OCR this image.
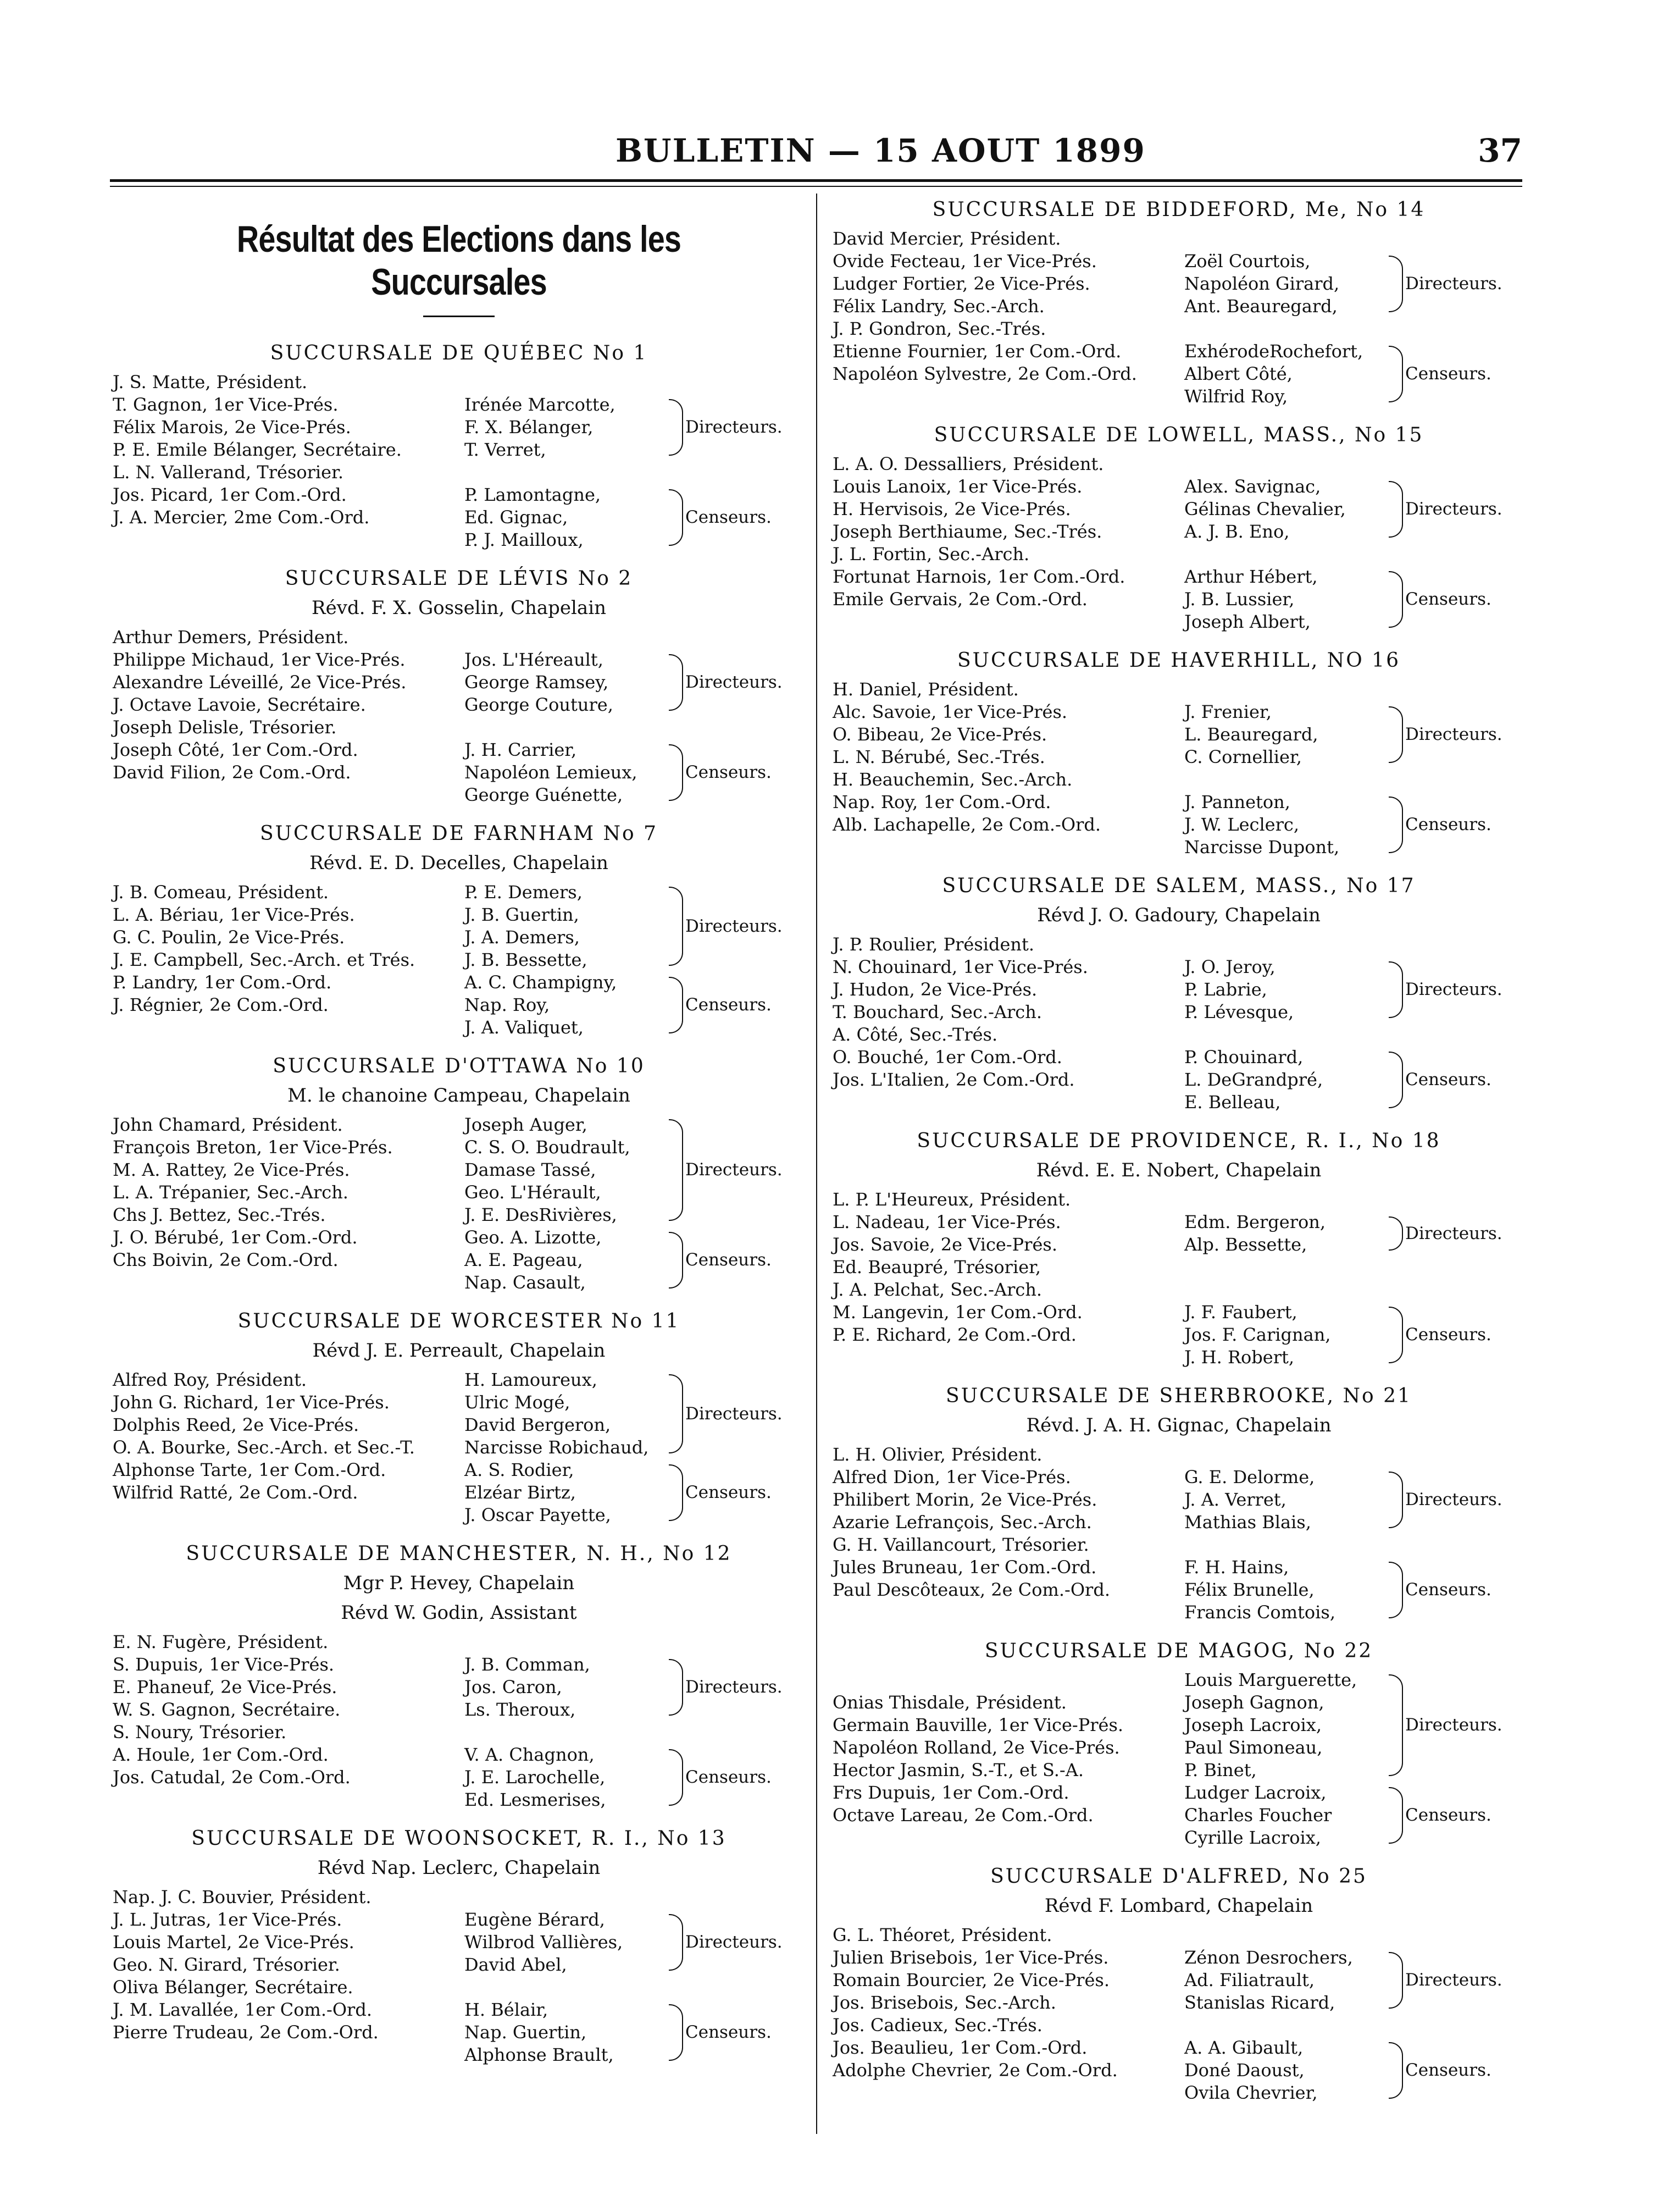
BULLETIN — 15 AOUT 1899	37
Résultat des Elections dans les Succursales
SUCCURSALE DE QUÉBEC No 1
J. S. Matte, Président.
T. Gagnon, 1er Vice-Prés.	Irénée Marcotte,
Félix Marois, 2e Vice-Prés.	F. X. Bélanger,
P. E. Emile Bélanger, Secrétaire.	T. Verret,
L. N. Vallerand, Trésorier.
Jos. Picard, 1er Com.-Ord.	P. Lamontagne,
J. A. Mercier, 2me Com.-Ord.	Ed. Gignac,
P. J. Mailloux,
Directeurs.
Censeurs.
SUCCURSALE DE LÉVIS No 2
Révd. F. X. Gosselin, Chapelain
Arthur Demers, Président.
Philippe Michaud, 1er Vice-Prés.	Jos. L'Héreault,
Alexandre Léveillé, 2e Vice-Prés.	George Ramsey,
J. Octave Lavoie, Secrétaire.	George Couture,
Joseph Delisle, Trésorier.
Joseph Côté, 1er Com.-Ord.	J. H. Carrier,
David Filion, 2e Com.-Ord.	Napoléon Lemieux,
George Guénette,
Directeurs.
Censeurs.
SUCCURSALE DE FARNHAM No 7
Révd. E. D. Decelles, Chapelain
J. B. Comeau, Président.	P. E. Demers,
L. A. Bériau, 1er Vice-Prés.	J. B. Guertin,
G. C. Poulin, 2e Vice-Prés.	J. A. Demers,
J. E. Campbell, Sec.-Arch. et Trés.	J. B. Bessette,
P. Landry, 1er Com.-Ord.	A. C. Champigny,
J. Régnier, 2e Com.-Ord.	Nap. Roy,
J. A. Valiquet,
Directeurs.
Censeurs.
SUCCURSALE D'OTTAWA No 10
M. le chanoine Campeau, Chapelain
John Chamard, Président.	Joseph Auger,
François Breton, 1er Vice-Prés.	C. S. O. Boudrault,
M. A. Rattey, 2e Vice-Prés.	Damase Tassé,
L. A. Trépanier, Sec.-Arch.	Geo. L'Hérault,
Chs J. Bettez, Sec.-Trés.	J. E. DesRivières,
J. O. Bérubé, 1er Com.-Ord.	Geo. A. Lizotte,
Chs Boivin, 2e Com.-Ord.	A. E. Pageau,
Nap. Casault,
Directeurs.
Censeurs.
SUCCURSALE DE WORCESTER No 11
Révd J. E. Perreault, Chapelain
Alfred Roy, Président.	H. Lamoureux,
John G. Richard, 1er Vice-Prés.	Ulric Mogé,
Dolphis Reed, 2e Vice-Prés.	David Bergeron,
O. A. Bourke, Sec.-Arch. et Sec.-T.	Narcisse Robichaud,
Alphonse Tarte, 1er Com.-Ord.	A. S. Rodier,
Wilfrid Ratté, 2e Com.-Ord.	Elzéar Birtz,
J. Oscar Payette,
Directeurs.
Censeurs.
SUCCURSALE DE MANCHESTER, N. H., No 12
Mgr P. Hevey, Chapelain
Révd W. Godin, Assistant
E. N. Fugère, Président.
S. Dupuis, 1er Vice-Prés.	J. B. Comman,
E. Phaneuf, 2e Vice-Prés.	Jos. Caron,
W. S. Gagnon, Secrétaire.	Ls. Theroux,
S. Noury, Trésorier.
A. Houle, 1er Com.-Ord.	V. A. Chagnon,
Jos. Catudal, 2e Com.-Ord.	J. E. Larochelle,
Ed. Lesmerises,
Directeurs.
Censeurs.
SUCCURSALE DE WOONSOCKET, R. I., No 13
Révd Nap. Leclerc, Chapelain
Nap. J. C. Bouvier, Président.
J. L. Jutras, 1er Vice-Prés.	Eugène Bérard,
Louis Martel, 2e Vice-Prés.	Wilbrod Vallières,
Geo. N. Girard, Trésorier.	David Abel,
Oliva Bélanger, Secrétaire.
J. M. Lavallée, 1er Com.-Ord.	H. Bélair,
Pierre Trudeau, 2e Com.-Ord.	Nap. Guertin,
Alphonse Brault,
Directeurs.
Censeurs.
SUCCURSALE DE BIDDEFORD, Me, No 14
David Mercier, Président.
Ovide Fecteau, 1er Vice-Prés.	Zoël Courtois,
Ludger Fortier, 2e Vice-Prés.	Napoléon Girard,
Félix Landry, Sec.-Arch.	Ant. Beauregard,
J. P. Gondron, Sec.-Trés.
Etienne Fournier, 1er Com.-Ord.	ExhérodeRochefort,
Napoléon Sylvestre, 2e Com.-Ord.	Albert Côté,
Wilfrid Roy,
Directeurs.
Censeurs.
SUCCURSALE DE LOWELL, MASS., No 15
L. A. O. Dessalliers, Président.
Louis Lanoix, 1er Vice-Prés.	Alex. Savignac,
H. Hervisois, 2e Vice-Prés.	Gélinas Chevalier,
Joseph Berthiaume, Sec.-Trés.	A. J. B. Eno,
J. L. Fortin, Sec.-Arch.
Fortunat Harnois, 1er Com.-Ord.	Arthur Hébert,
Emile Gervais, 2e Com.-Ord.	J. B. Lussier,
Joseph Albert,
Directeurs.
Censeurs.
SUCCURSALE DE HAVERHILL, NO 16
H. Daniel, Président.
Alc. Savoie, 1er Vice-Prés.	J. Frenier,
O. Bibeau, 2e Vice-Prés.	L. Beauregard,
L. N. Bérubé, Sec.-Trés.	C. Cornellier,
H. Beauchemin, Sec.-Arch.
Nap. Roy, 1er Com.-Ord.	J. Panneton,
Alb. Lachapelle, 2e Com.-Ord.	J. W. Leclerc,
Narcisse Dupont,
Directeurs.
Censeurs.
SUCCURSALE DE SALEM, MASS., No 17
Révd J. O. Gadoury, Chapelain
J. P. Roulier, Président.
N. Chouinard, 1er Vice-Prés.	J. O. Jeroy,
J. Hudon, 2e Vice-Prés.	P. Labrie,
T. Bouchard, Sec.-Arch.	P. Lévesque,
A. Côté, Sec.-Trés.
O. Bouché, 1er Com.-Ord.	P. Chouinard,
Jos. L'Italien, 2e Com.-Ord.	L. DeGrandpré,
E. Belleau,
Directeurs.
Censeurs.
SUCCURSALE DE PROVIDENCE, R. I., No 18
Révd. E. E. Nobert, Chapelain
L. P. L'Heureux, Président.
L. Nadeau, 1er Vice-Prés.	Edm. Bergeron,
Jos. Savoie, 2e Vice-Prés.	Alp. Bessette,
Ed. Beaupré, Trésorier,
J. A. Pelchat, Sec.-Arch.
M. Langevin, 1er Com.-Ord.	J. F. Faubert,
P. E. Richard, 2e Com.-Ord.	Jos. F. Carignan,
J. H. Robert,
Directeurs.
Censeurs.
SUCCURSALE DE SHERBROOKE, No 21
Révd. J. A. H. Gignac, Chapelain
L. H. Olivier, Président.
Alfred Dion, 1er Vice-Prés.	G. E. Delorme,
Philibert Morin, 2e Vice-Prés.	J. A. Verret,
Azarie Lefrançois, Sec.-Arch.	Mathias Blais,
G. H. Vaillancourt, Trésorier.
Jules Bruneau, 1er Com.-Ord.	F. H. Hains,
Paul Descôteaux, 2e Com.-Ord.	Félix Brunelle,
Francis Comtois,
Directeurs.
Censeurs.
SUCCURSALE DE MAGOG, No 22
Louis Marguerette,
Onias Thisdale, Président.	Joseph Gagnon,
Germain Bauville, 1er Vice-Prés.	Joseph Lacroix,
Napoléon Rolland, 2e Vice-Prés.	Paul Simoneau,
Hector Jasmin, S.-T., et S.-A.	P. Binet,
Frs Dupuis, 1er Com.-Ord.	Ludger Lacroix,
Octave Lareau, 2e Com.-Ord.	Charles Foucher
Cyrille Lacroix,
Directeurs.
Censeurs.
SUCCURSALE D'ALFRED, No 25
Révd F. Lombard, Chapelain
G. L. Théoret, Président.
Julien Brisebois, 1er Vice-Prés.	Zénon Desrochers,
Romain Bourcier, 2e Vice-Prés.	Ad. Filiatrault,
Jos. Brisebois, Sec.-Arch.	Stanislas Ricard,
Jos. Cadieux, Sec.-Trés.
Jos. Beaulieu, 1er Com.-Ord.	A. A. Gibault,
Adolphe Chevrier, 2e Com.-Ord.	Doné Daoust,
Ovila Chevrier,
Directeurs.
Censeurs.
